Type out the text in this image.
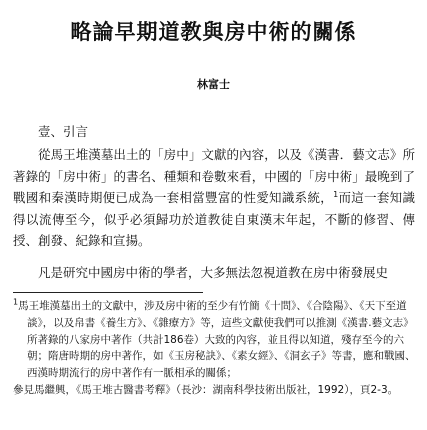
略論早期道教與房中術的關係
林富士
壹、引言

從馬王堆漢墓出土的「房中」文獻的內容，以及《漢書．藝文志》所著錄的「房中術」的書名、種類和卷數來看，中國的「房中術」最晚到了戰國和秦漢時期便已成為一套相當豐富的性愛知識系統，$^1$而這一套知識得以流傳至今，似乎必須歸功於道教徒自東漢末年起，不斷的修習、傳授、創發、紀錄和宣揚。

凡是研究中國房中術的學者，大多無法忽視道教在房中術發展史

$^1$馬王堆漢墓出土的文獻中，涉及房中術的至少有竹簡《十問》、《合陰陽》、《天下至道談》，以及帛書《養生方》、《雜療方》等，這些文獻使我們可以推測《漢書.藝文志》所著錄的八家房中著作（共計186卷）大致的內容，並且得以知道，殘存至今的六朝；隋唐時期的房中著作，如《玉房秘訣》、《素女經》、《洞玄子》等書，應和戰國、西漢時期流行的房中著作有一脈相承的關係；
參見馬繼興，《馬王堆古醫書考釋》（長沙：湖南科學技術出版社，1992），頁2-3。
